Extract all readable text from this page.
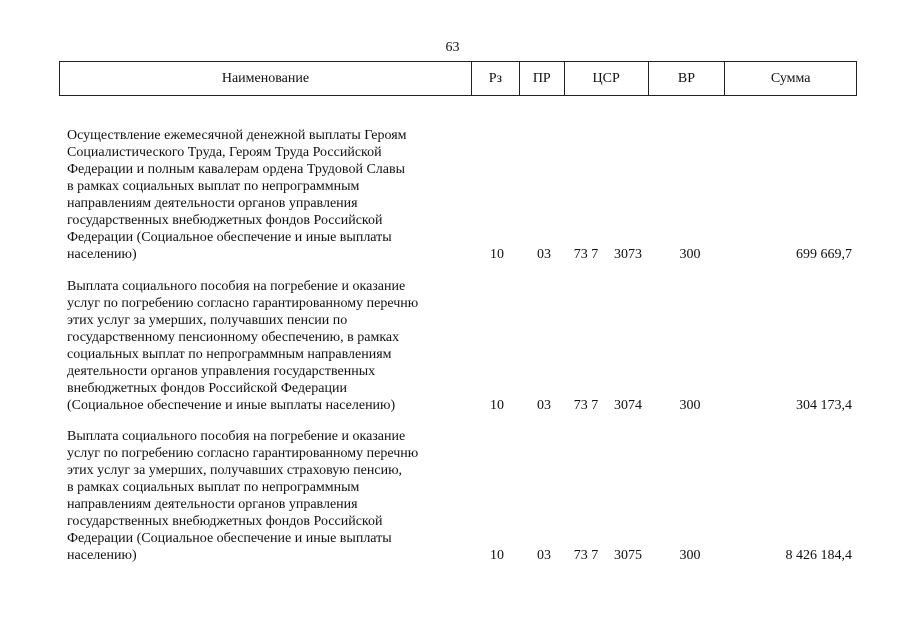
63
Наименование	Рз	ПР	ЦСР	ВР	Сумма
Осуществление ежемесячной денежной выплаты Героям
Социалистического Труда, Героям Труда Российской
Федерации и полным кавалерам ордена Трудовой Славы
в рамках социальных выплат по непрограммным
направлениям деятельности органов управления
государственных внебюджетных фондов Российской
Федерации (Социальное обеспечение и иные выплаты
населению)	10	03	73 7 3073	300	699 669,7
Выплата социального пособия на погребение и оказание
услуг по погребению согласно гарантированному перечню
этих услуг за умерших, получавших пенсии по
государственному пенсионному обеспечению, в рамках
социальных выплат по непрограммным направлениям
деятельности органов управления государственных
внебюджетных фондов Российской Федерации
(Социальное обеспечение и иные выплаты населению)	10	03	73 7 3074	300	304 173,4
Выплата социального пособия на погребение и оказание
услуг по погребению согласно гарантированному перечню
этих услуг за умерших, получавших страховую пенсию,
в рамках социальных выплат по непрограммным
направлениям деятельности органов управления
государственных внебюджетных фондов Российской
Федерации (Социальное обеспечение и иные выплаты
населению)	10	03	73 7 3075	300	8 426 184,4
